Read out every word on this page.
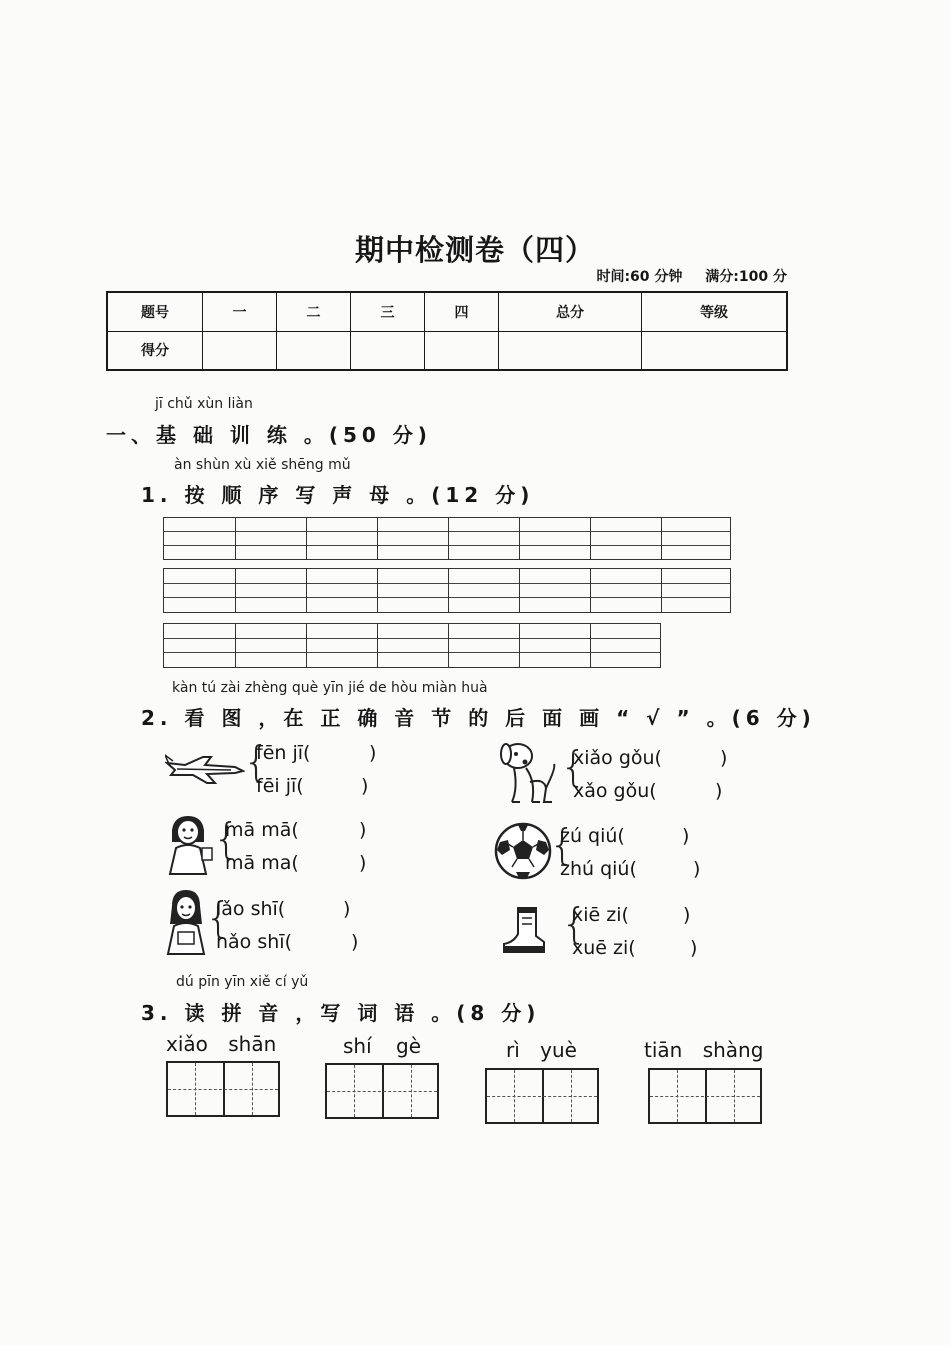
期中检测卷（四）
时间:60 分钟 满分:100 分
题号	一	二	三	四	总分	等级
得分						
jī chǔ xùn liàn
一、基 础 训 练 。(50 分)
àn shùn xù xiě shēng mǔ
1. 按 顺 序 写 声 母 。(12 分)
kàn tú zài zhèng què yīn jié de hòu miàn huà
2. 看 图 ，在 正 确 音 节 的 后 面 画 “ √ ” 。(6 分)
{
fēn jī(	)
fēi jī(	)	{
xiǎo gǒu(	)
xǎo gǒu(	)
{
mā mā(	)
mā ma(	)	{
zú qiú(	)
zhú qiú(	)
{
lǎo shī(	)
nǎo shī(	)	{
xiē zi(	)
xuē zi(	)
dú pīn yīn xiě cí yǔ
3. 读 拼 音 ，写 词 语 。(8 分)
xiǎo shān	shí gè	rì yuè	tiān shàng
